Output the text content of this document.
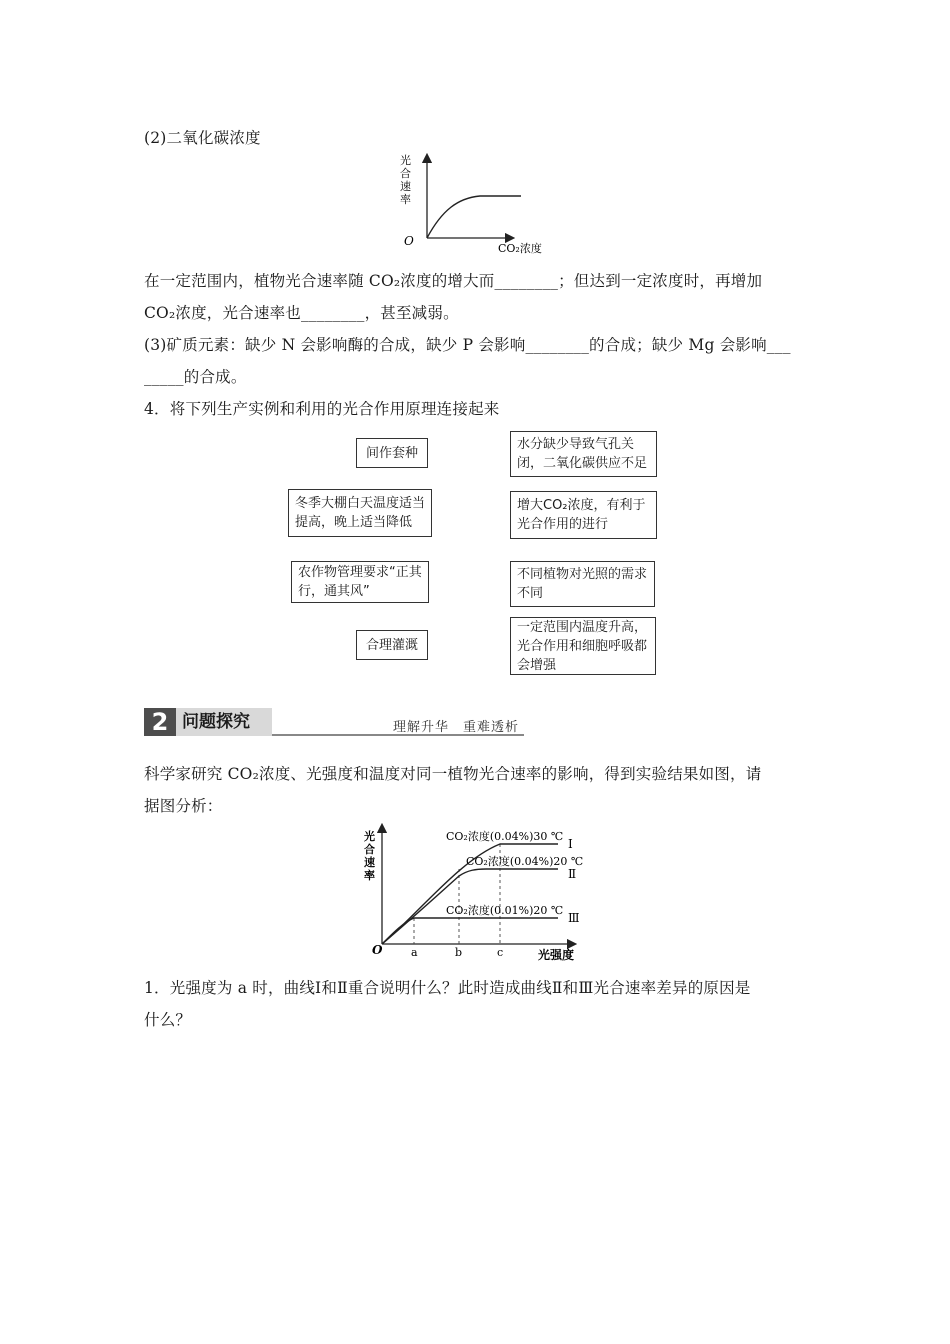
(2)二氧化碳浓度
光
合
速
率
O
CO₂浓度
在一定范围内，植物光合速率随 CO₂浓度的增大而________；但达到一定浓度时，再增加
CO₂浓度，光合速率也________，甚至减弱。
(3)矿质元素：缺少 N 会影响酶的合成，缺少 P 会影响________的合成；缺少 Mg 会影响___
_____的合成。
4．将下列生产实例和利用的光合作用原理连接起来
间作套种
冬季大棚白天温度适当提高，晚上适当降低
农作物管理要求“正其行，通其风”
合理灌溉
水分缺少导致气孔关闭，二氧化碳供应不足
增大CO₂浓度，有利于光合作用的进行
不同植物对光照的需求不同
一定范围内温度升高，光合作用和细胞呼吸都会增强
2 问题探究	理解升华　重难透析
科学家研究 CO₂浓度、光强度和温度对同一植物光合速率的影响，得到实验结果如图，请
据图分析：
光
合
速
率
CO₂浓度(0.04%)30 ℃
Ⅰ
CO₂浓度(0.04%)20 ℃
Ⅱ
CO₂浓度(0.01%)20 ℃
Ⅲ
O	a	b	c	光强度
1．光强度为 a 时，曲线Ⅰ和Ⅱ重合说明什么？此时造成曲线Ⅱ和Ⅲ光合速率差异的原因是
什么？
